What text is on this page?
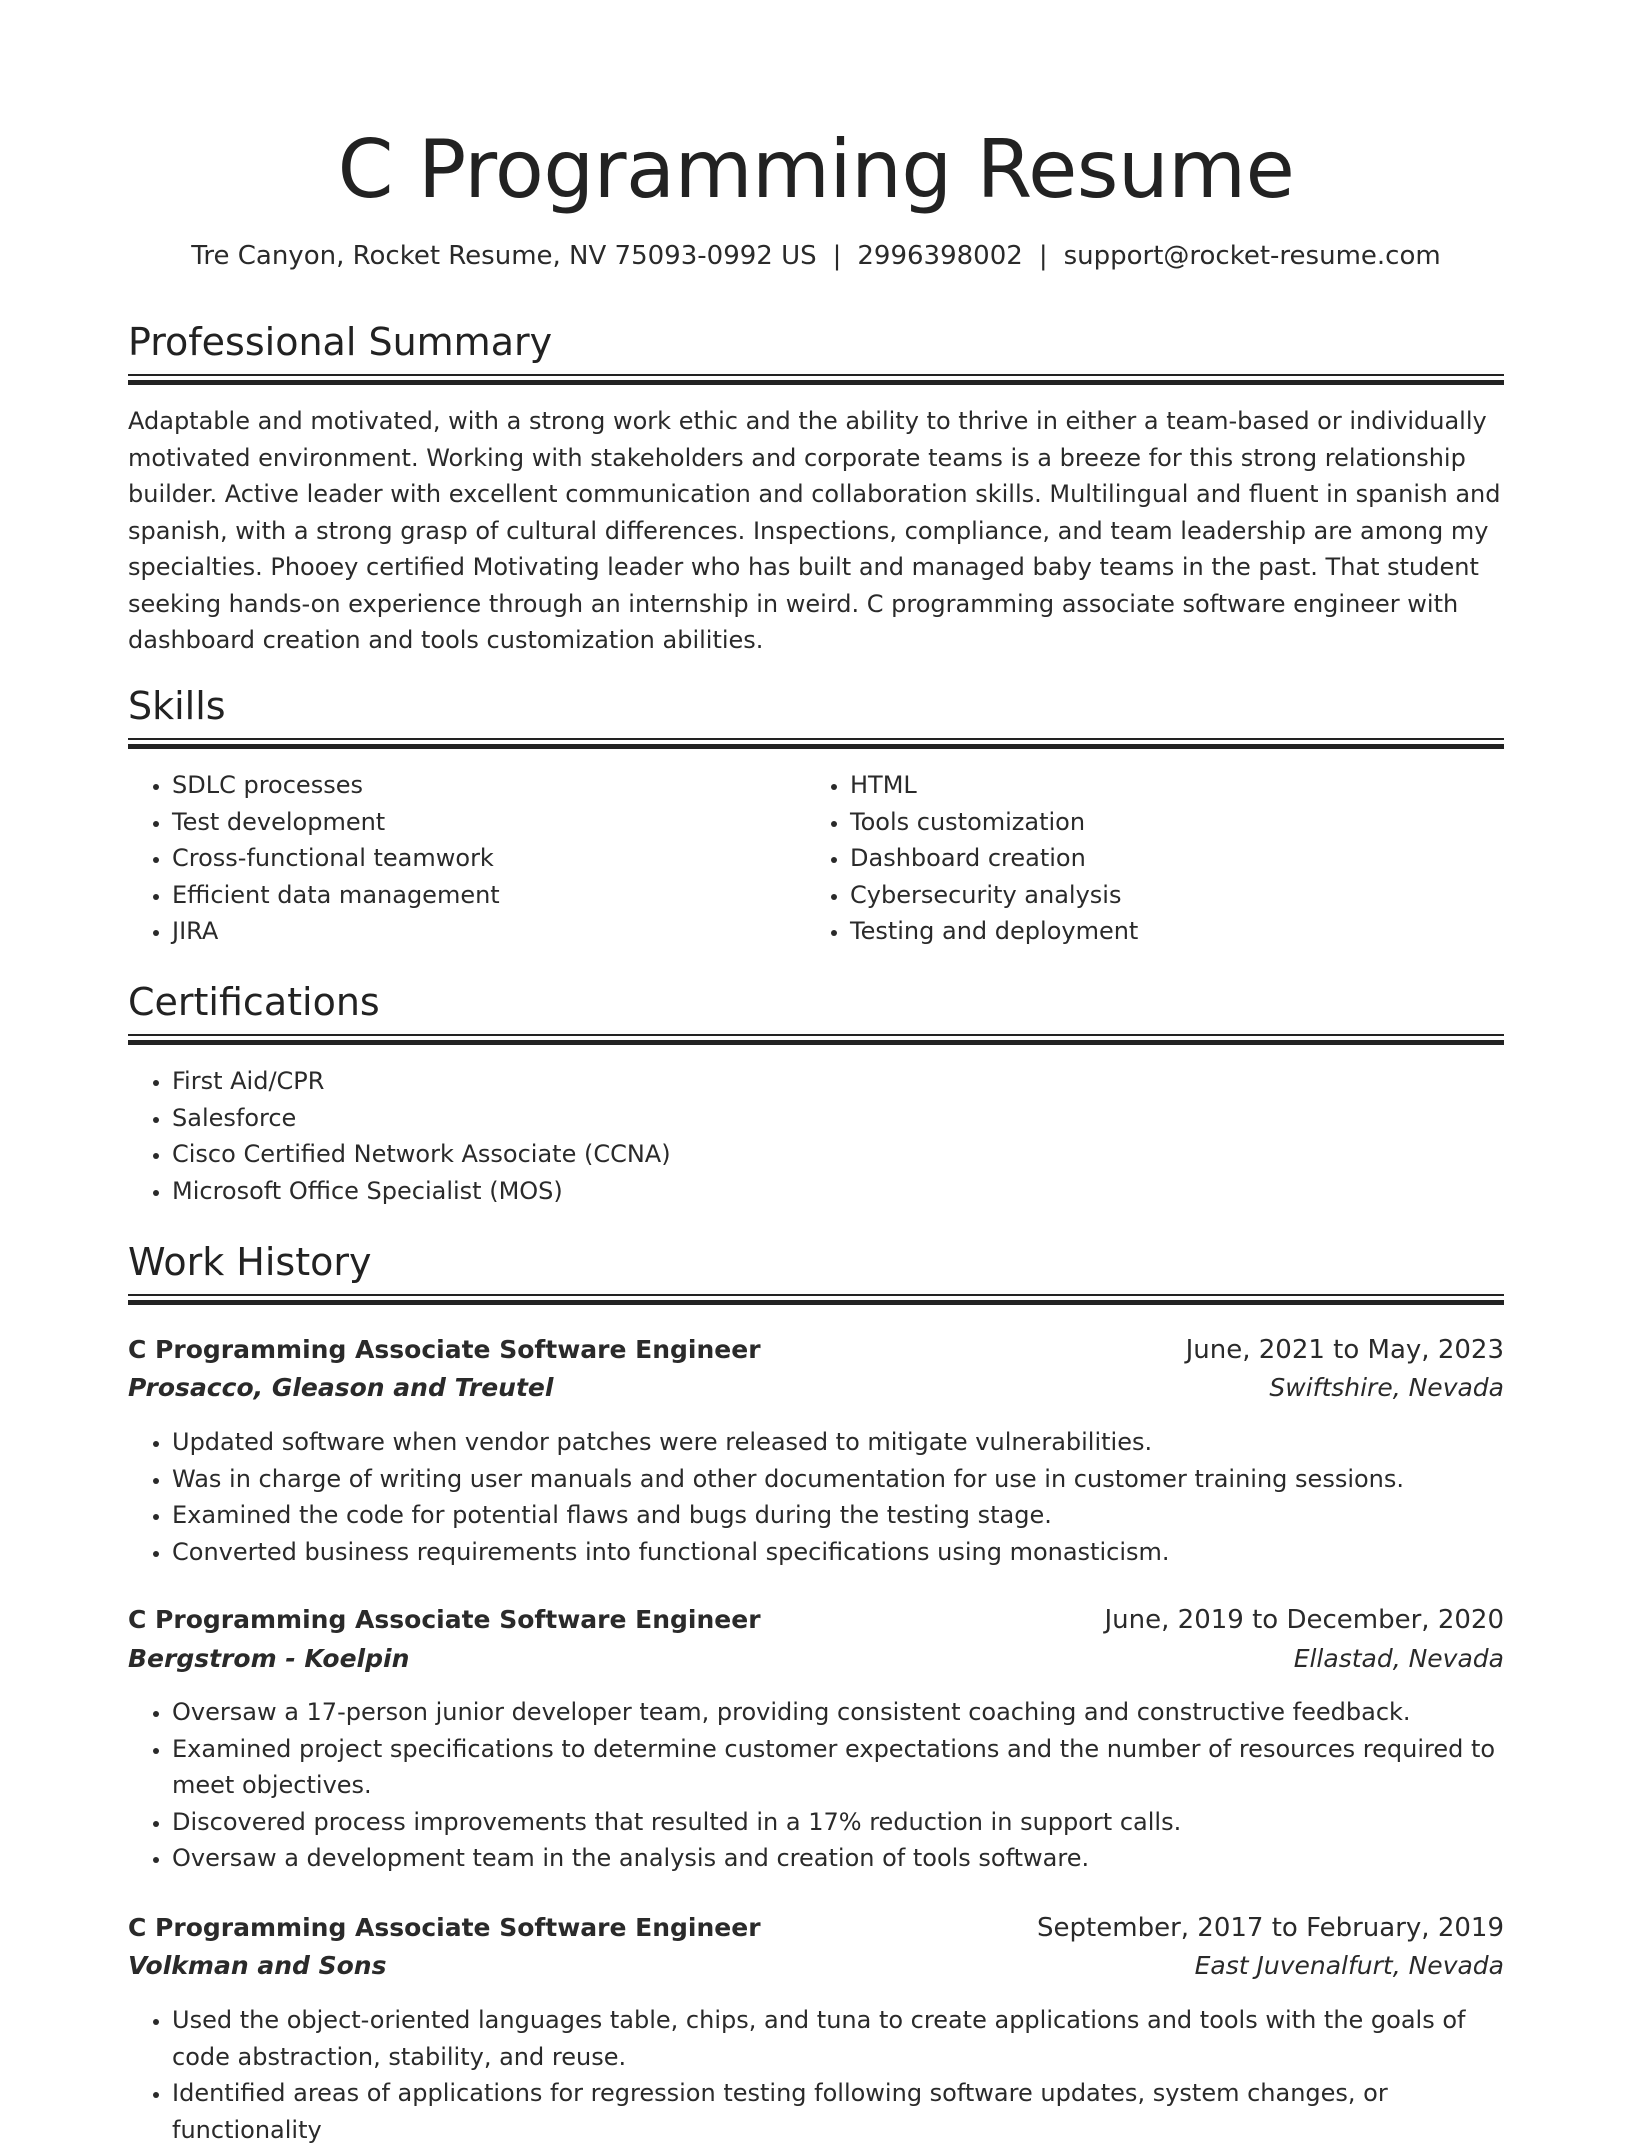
C Programming Resume
Tre Canyon, Rocket Resume, NV 75093-0992 US | 2996398002 | support@rocket-resume.com
Professional Summary

Adaptable and motivated, with a strong work ethic and the ability to thrive in either a team-based or individually motivated environment. Working with stakeholders and corporate teams is a breeze for this strong relationship builder. Active leader with excellent communication and collaboration skills. Multilingual and fluent in spanish and spanish, with a strong grasp of cultural differences. Inspections, compliance, and team leadership are among my specialties. Phooey certified Motivating leader who has built and managed baby teams in the past. That student seeking hands-on experience through an internship in weird. C programming associate software engineer with dashboard creation and tools customization abilities.

Skills
• SDLC processes
• Test development
• Cross-functional teamwork
• Efficient data management
• JIRA
• HTML
• Tools customization
• Dashboard creation
• Cybersecurity analysis
• Testing and deployment
Certifications
• First Aid/CPR
• Salesforce
• Cisco Certified Network Associate (CCNA)
• Microsoft Office Specialist (MOS)
Work History
C Programming Associate Software Engineer	June, 2021 to May, 2023
Prosacco, Gleason and Treutel	Swiftshire, Nevada
• Updated software when vendor patches were released to mitigate vulnerabilities.
• Was in charge of writing user manuals and other documentation for use in customer training sessions.
• Examined the code for potential flaws and bugs during the testing stage.
• Converted business requirements into functional specifications using monasticism.
C Programming Associate Software Engineer	June, 2019 to December, 2020
Bergstrom - Koelpin	Ellastad, Nevada
• Oversaw a 17-person junior developer team, providing consistent coaching and constructive feedback.
• Examined project specifications to determine customer expectations and the number of resources required to meet objectives.
• Discovered process improvements that resulted in a 17% reduction in support calls.
• Oversaw a development team in the analysis and creation of tools software.
C Programming Associate Software Engineer	September, 2017 to February, 2019
Volkman and Sons	East Juvenalfurt, Nevada
• Used the object-oriented languages table, chips, and tuna to create applications and tools with the goals of code abstraction, stability, and reuse.
• Identified areas of applications for regression testing following software updates, system changes, or functionality
